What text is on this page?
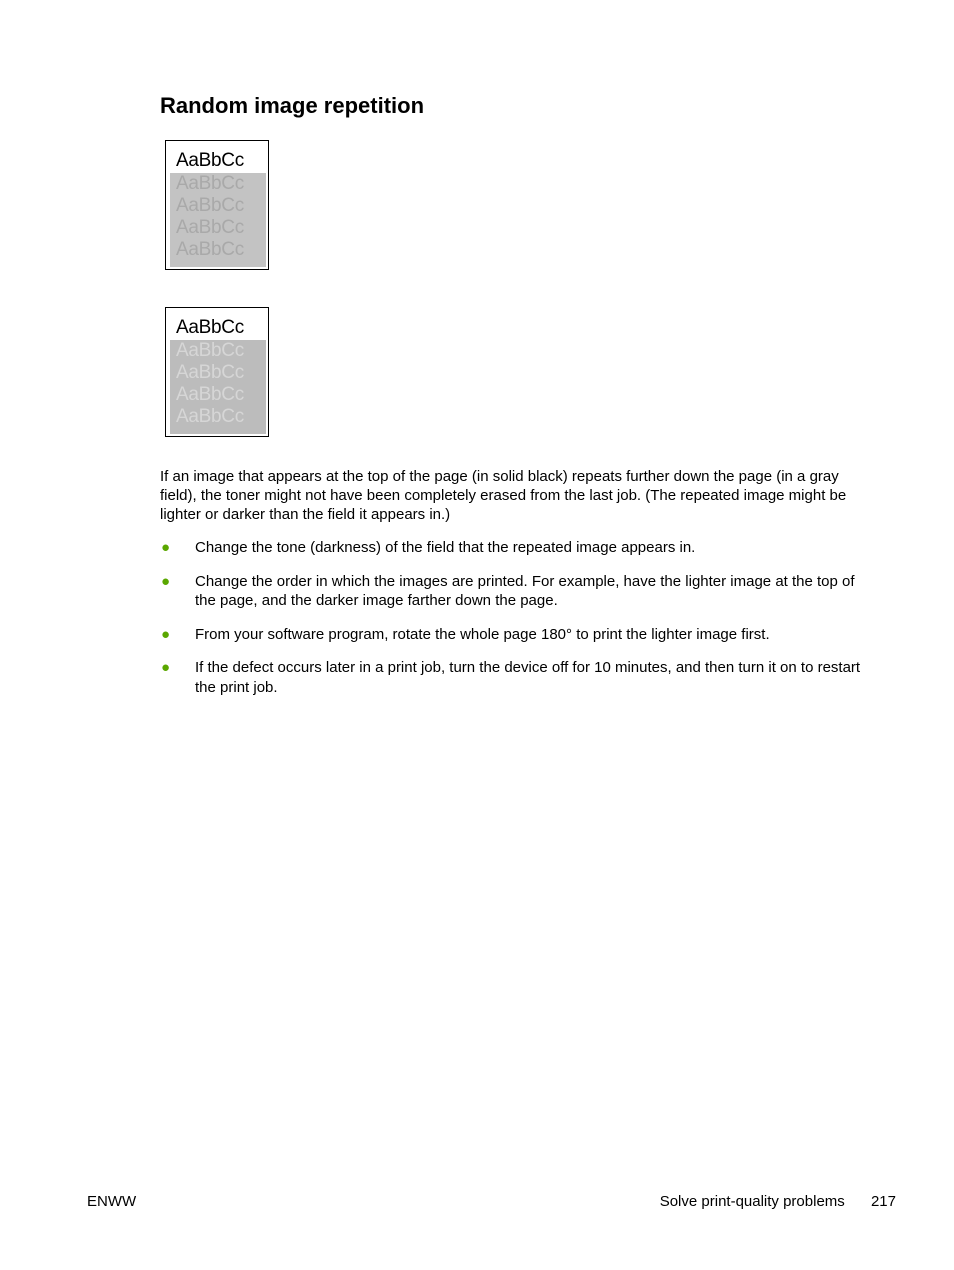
Random image repetition
AaBbCc
AaBbCc
AaBbCc
AaBbCc
AaBbCc
AaBbCc
AaBbCc
AaBbCc
AaBbCc
AaBbCc

If an image that appears at the top of the page (in solid black) repeats further down the page (in a gray field), the toner might not have been completely erased from the last job. (The repeated image might be lighter or darker than the field it appears in.)

● Change the tone (darkness) of the field that the repeated image appears in.
● Change the order in which the images are printed. For example, have the lighter image at the top of the page, and the darker image farther down the page.
● From your software program, rotate the whole page 180° to print the lighter image first.
● If the defect occurs later in a print job, turn the device off for 10 minutes, and then turn it on to restart the print job.
ENWW	Solve print-quality problems 217
